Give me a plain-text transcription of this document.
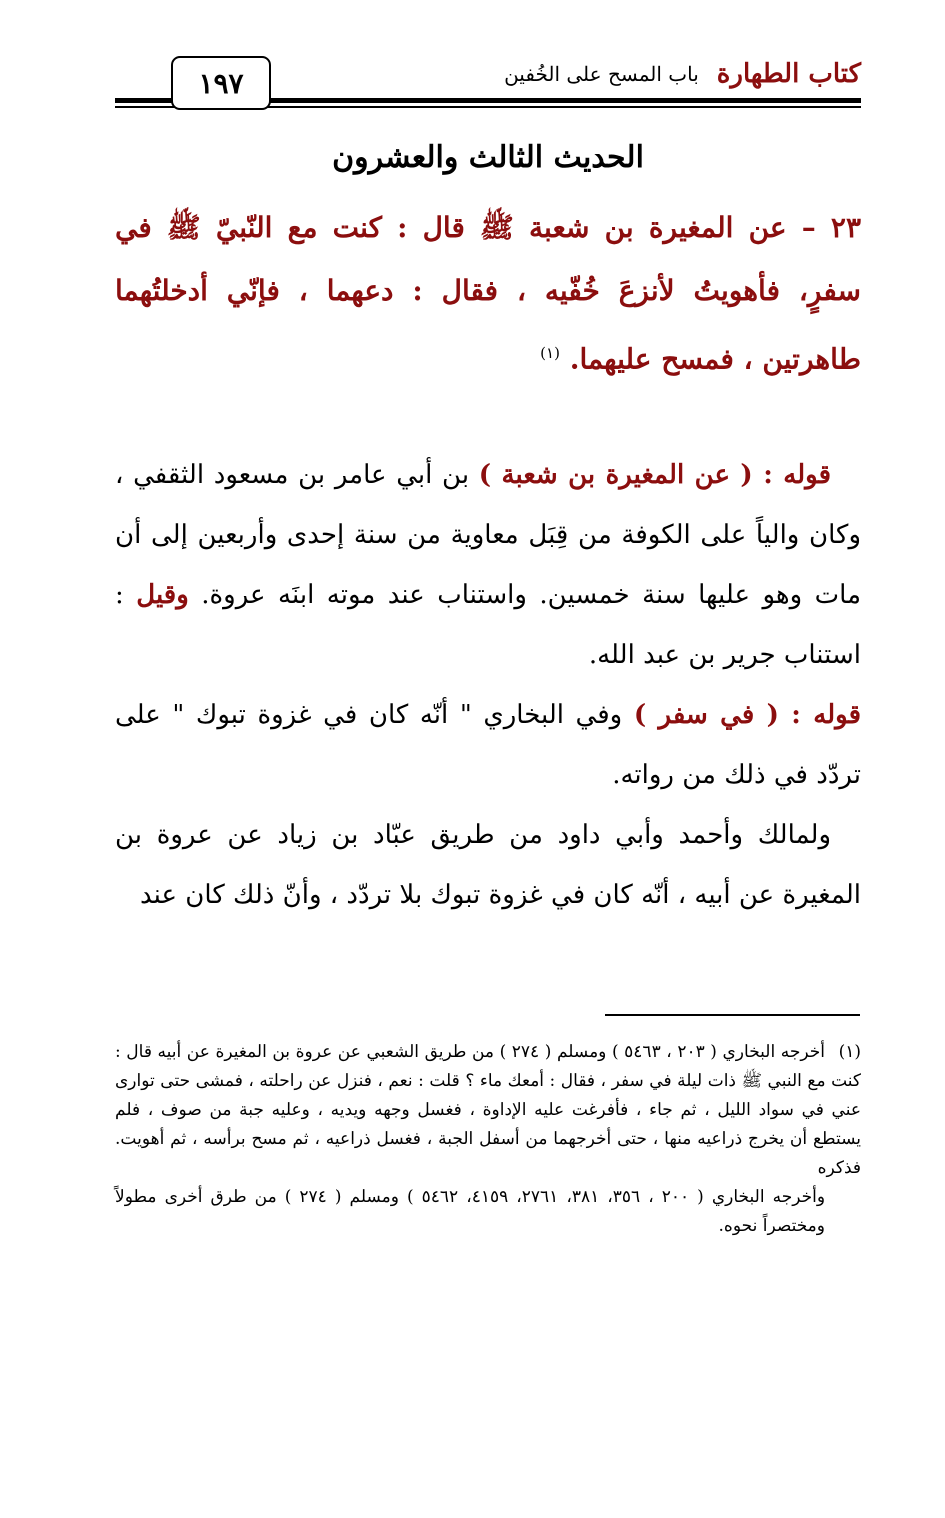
١٩٧	كتاب الطهارة
باب المسح على الخُفين
الحديث الثالث والعشرون
٢٣ – عن المغيرة بن شعبة ﷺ قال : كنت مع النّبيّ ﷺ في سفرٍ، فأهويتُ لأنزعَ خُفّيه ، فقال : دعهما ، فإنّي أدخلتُهما طاهرتين ، فمسح عليهما. $^{(١)}$

قوله : ( عن المغيرة بن شعبة ) بن أبي عامر بن مسعود الثقفي ، وكان والياً على الكوفة من قِبَل معاوية من سنة إحدى وأربعين إلى أن مات وهو عليها سنة خمسين. واستناب عند موته ابنَه عروة. وقيل : استناب جرير بن عبد الله.

قوله : ( في سفر ) وفي البخاري " أنّه كان في غزوة تبوك " على تردّد في ذلك من رواته.

ولمالك وأحمد وأبي داود من طريق عبّاد بن زياد عن عروة بن المغيرة عن أبيه ، أنّه كان في غزوة تبوك بلا تردّد ، وأنّ ذلك كان عند

(١)أخرجه البخاري ( ٢٠٣ ، ٥٤٦٣ ) ومسلم ( ٢٧٤ ) من طريق الشعبي عن عروة بن المغيرة عن أبيه قال : كنت مع النبي ﷺ ذات ليلة في سفر ، فقال : أمعك ماء ؟ قلت : نعم ، فنزل عن راحلته ، فمشى حتى توارى عني في سواد الليل ، ثم جاء ، فأفرغت عليه الإداوة ، فغسل وجهه ويديه ، وعليه جبة من صوف ، فلم يستطع أن يخرج ذراعيه منها ، حتى أخرجهما من أسفل الجبة ، فغسل ذراعيه ، ثم مسح برأسه ، ثم أهويت. فذكره

وأخرجه البخاري ( ٢٠٠ ، ٣٥٦، ٣٨١، ٢٧٦١، ٤١٥٩، ٥٤٦٢ ) ومسلم ( ٢٧٤ ) من طرق أخرى مطولاً ومختصراً نحوه.
